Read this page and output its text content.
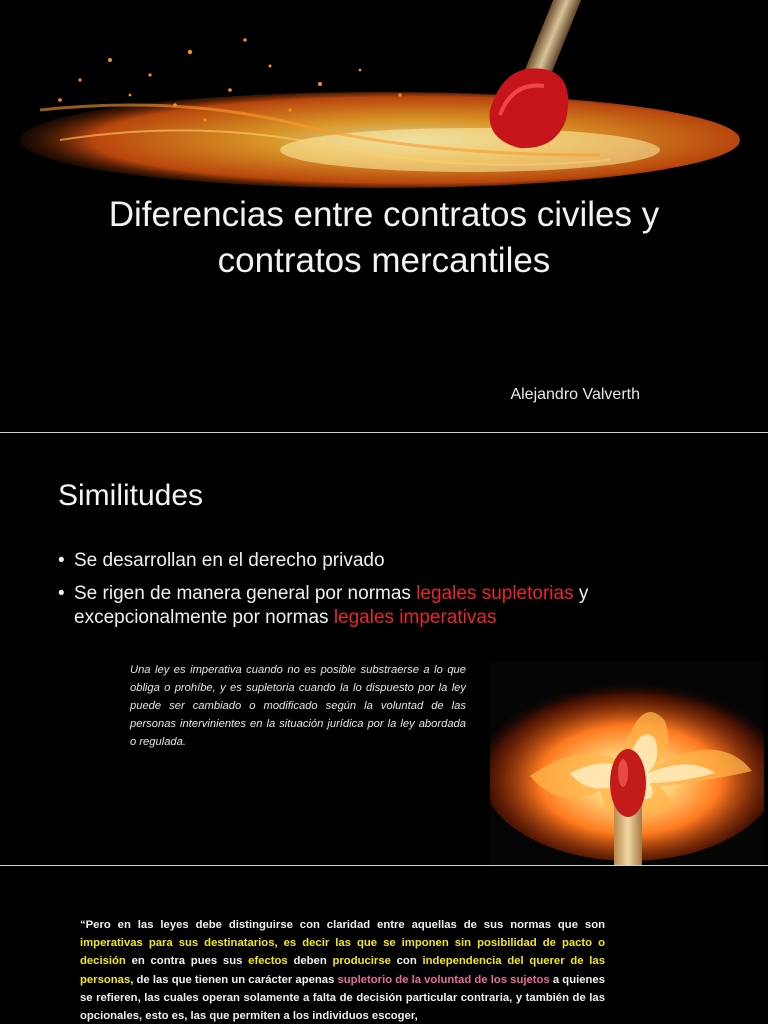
Diferencias entre contratos civiles y contratos mercantiles
Alejandro Valverth
Similitudes
• Se desarrollan en el derecho privado
• Se rigen de manera general por normas legales supletorias y excepcionalmente por normas legales imperativas
Una ley es imperativa cuando no es posible substraerse a lo que obliga o prohíbe, y es supletoria cuando la lo dispuesto por la ley puede ser cambiado o modificado según la voluntad de las personas intervinientes en la situación jurídica por la ley abordada o regulada.
“Pero en las leyes debe distinguirse con claridad entre aquellas de sus normas que son imperativas para sus destinatarios, es decir las que se imponen sin posibilidad de pacto o decisión en contra pues sus efectos deben producirse con independencia del querer de las personas, de las que tienen un carácter apenas supletorio de la voluntad de los sujetos a quienes se refieren, las cuales operan solamente a falta de decisión particular contraria, y también de las opcionales, esto es, las que permiten a los individuos escoger,
